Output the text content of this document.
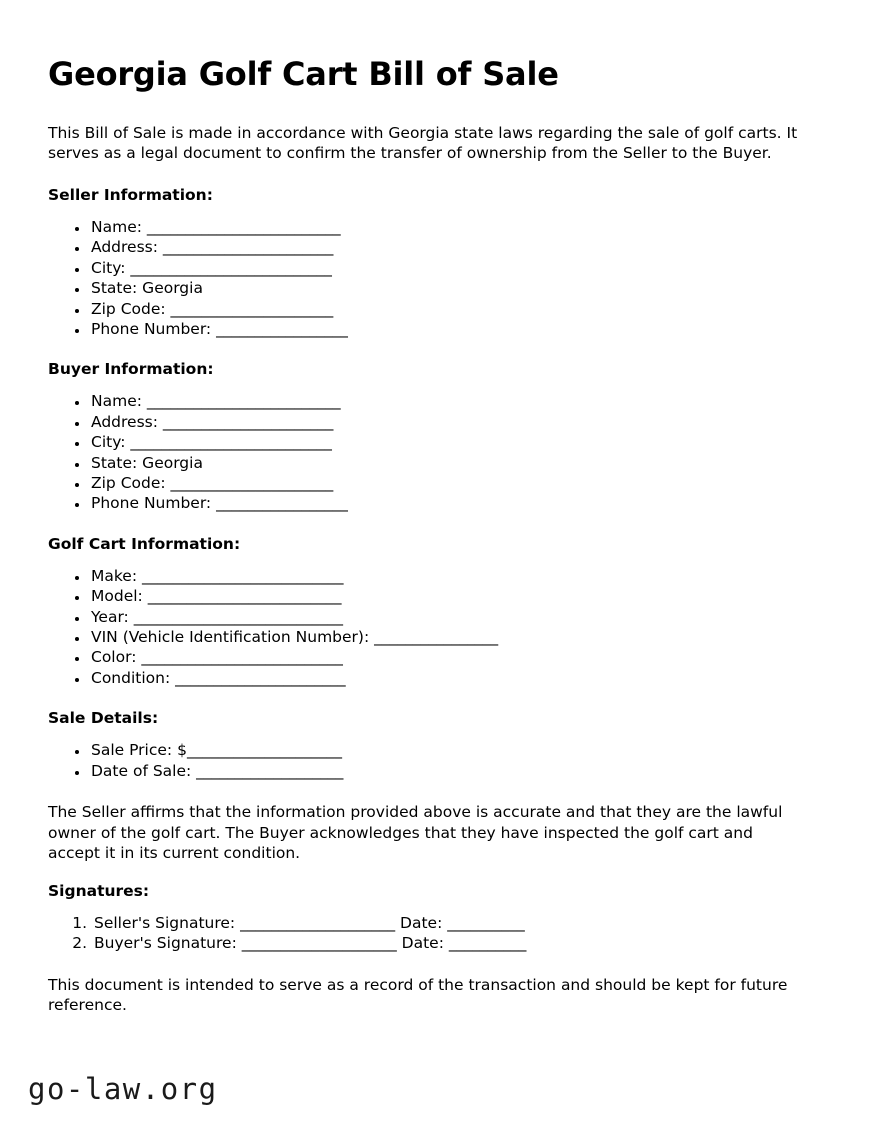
Georgia Golf Cart Bill of Sale

This Bill of Sale is made in accordance with Georgia state laws regarding the sale of golf carts. It serves as a legal document to confirm the transfer of ownership from the Seller to the Buyer.

Seller Information:
• Name: _________________________
• Address: ______________________
• City: __________________________
• State: Georgia
• Zip Code: _____________________
• Phone Number: _________________
Buyer Information:
• Name: _________________________
• Address: ______________________
• City: __________________________
• State: Georgia
• Zip Code: _____________________
• Phone Number: _________________
Golf Cart Information:
• Make: __________________________
• Model: _________________________
• Year: ___________________________
• VIN (Vehicle Identification Number): ________________
• Color: __________________________
• Condition: ______________________
Sale Details:
• Sale Price: $____________________
• Date of Sale: ___________________

The Seller affirms that the information provided above is accurate and that they are the lawful owner of the golf cart. The Buyer acknowledges that they have inspected the golf cart and accept it in its current condition.

Signatures:
1. Seller's Signature: ____________________ Date: __________
2. Buyer's Signature: ____________________ Date: __________

This document is intended to serve as a record of the transaction and should be kept for future reference.

go-law.org
